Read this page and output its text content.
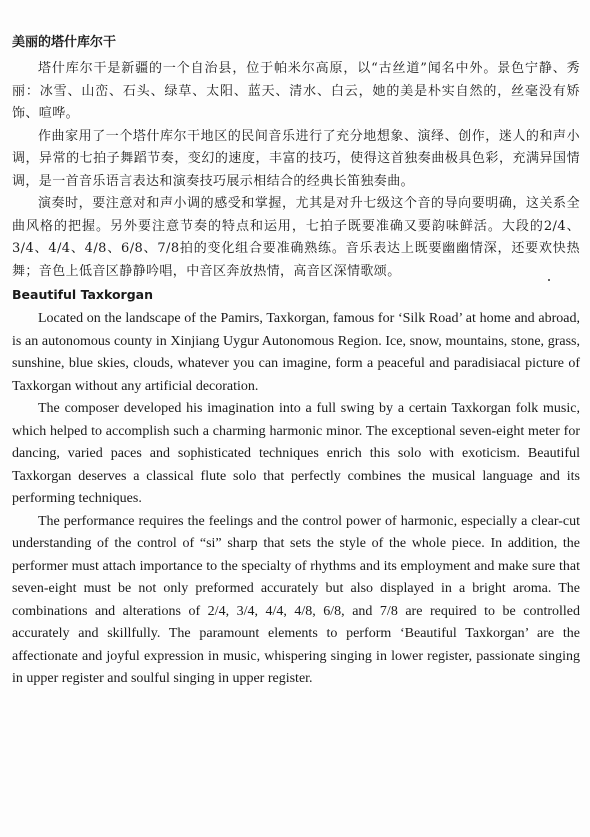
美丽的塔什库尔干

塔什库尔干是新疆的一个自治县，位于帕米尔高原，以“古丝道”闻名中外。景色宁静、秀丽：冰雪、山峦、石头、绿草、太阳、蓝天、清水、白云，她的美是朴实自然的，丝毫没有矫饰、喧哗。

作曲家用了一个塔什库尔干地区的民间音乐进行了充分地想象、演绎、创作，迷人的和声小调，异常的七拍子舞蹈节奏，变幻的速度，丰富的技巧，使得这首独奏曲极具色彩，充满异国情调，是一首音乐语言表达和演奏技巧展示相结合的经典长笛独奏曲。

演奏时，要注意对和声小调的感受和掌握，尤其是对升七级这个音的导向要明确，这关系全曲风格的把握。另外要注意节奏的特点和运用，七拍子既要准确又要韵味鲜活。大段的2/4、3/4、4/4、4/8、6/8、7/8拍的变化组合要准确熟练。音乐表达上既要幽幽情深，还要欢快热舞；音色上低音区静静吟唱，中音区奔放热情，高音区深情歌颂。

Beautiful Taxkorgan

Located on the landscape of the Pamirs, Taxkorgan, famous for ‘Silk Road’ at home and abroad, is an autonomous county in Xinjiang Uygur Autonomous Region. Ice, snow, mountains, stone, grass, sunshine, blue skies, clouds, whatever you can imagine, form a peaceful and paradisiacal picture of Taxkorgan without any artificial decoration.

The composer developed his imagination into a full swing by a certain Taxkorgan folk music, which helped to accomplish such a charming harmonic minor. The exceptional seven-eight meter for dancing, varied paces and sophisticated techniques enrich this solo with exoticism. Beautiful Taxkorgan deserves a classical flute solo that perfectly combines the musical language and its performing techniques.

The performance requires the feelings and the control power of harmonic, especially a clear-cut understanding of the control of “si” sharp that sets the style of the whole piece. In addition, the performer must attach importance to the specialty of rhythms and its employment and make sure that seven-eight must be not only preformed accurately but also displayed in a bright aroma. The combinations and alterations of 2/4, 3/4, 4/4, 4/8, 6/8, and 7/8 are required to be controlled accurately and skillfully. The paramount elements to perform ‘Beautiful Taxkorgan’ are the affectionate and joyful expression in music, whispering singing in lower register, passionate singing in upper register and soulful singing in upper register.
